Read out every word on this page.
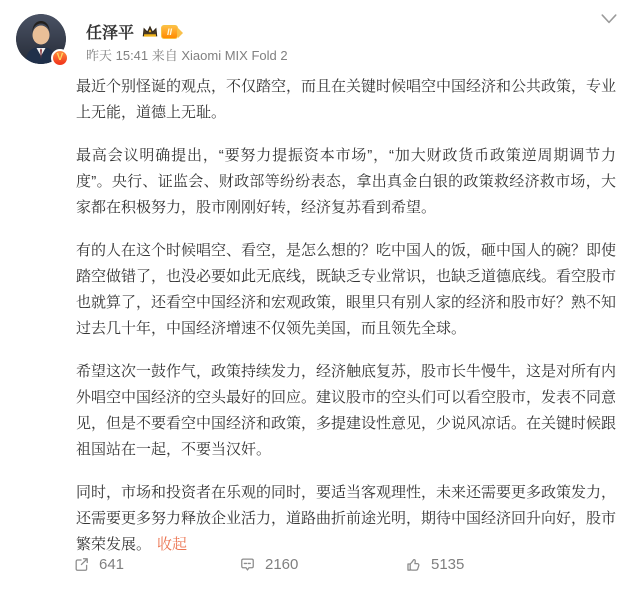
V
任泽平	II
昨天 15:41 来自 Xiaomi MIX Fold 2

最近个别怪诞的观点，不仅踏空，而且在关键时候唱空中国经济和公共政策，专业上无能，道德上无耻。

最高会议明确提出，“要努力提振资本市场”，“加大财政货币政策逆周期调节力度”。央行、证监会、财政部等纷纷表态，拿出真金白银的政策救经济救市场，大家都在积极努力，股市刚刚好转，经济复苏看到希望。

有的人在这个时候唱空、看空，是怎么想的？吃中国人的饭，砸中国人的碗？即使踏空做错了，也没必要如此无底线，既缺乏专业常识，也缺乏道德底线。看空股市也就算了，还看空中国经济和宏观政策，眼里只有别人家的经济和股市好？熟不知过去几十年，中国经济增速不仅领先美国，而且领先全球。

希望这次一鼓作气，政策持续发力，经济触底复苏，股市长牛慢牛，这是对所有内外唱空中国经济的空头最好的回应。建议股市的空头们可以看空股市，发表不同意见，但是不要看空中国经济和政策，多提建设性意见，少说风凉话。在关键时候跟祖国站在一起，不要当汉奸。

同时，市场和投资者在乐观的同时，要适当客观理性，未来还需要更多政策发力，还需要更多努力释放企业活力，道路曲折前途光明，期待中国经济回升向好，股市繁荣发展。 收起

641	2160	5135
